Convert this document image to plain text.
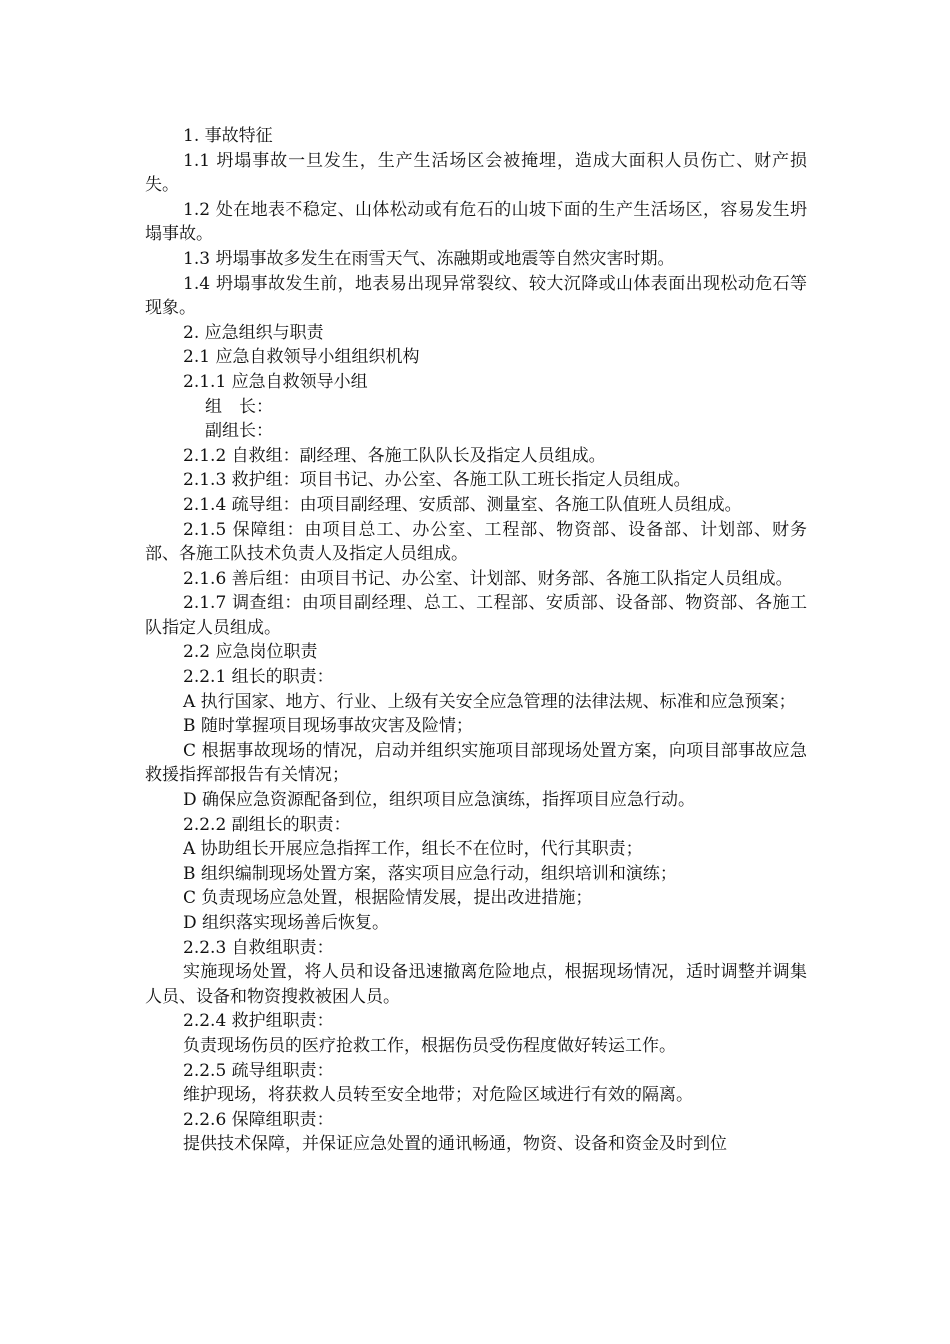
1. 事故特征

1.1 坍塌事故一旦发生，生产生活场区会被掩埋，造成大面积人员伤亡、财产损失。

1.2 处在地表不稳定、山体松动或有危石的山坡下面的生产生活场区，容易发生坍塌事故。

1.3 坍塌事故多发生在雨雪天气、冻融期或地震等自然灾害时期。

1.4 坍塌事故发生前，地表易出现异常裂纹、较大沉降或山体表面出现松动危石等现象。

2. 应急组织与职责

2.1 应急自救领导小组组织机构

2.1.1 应急自救领导小组

组　长：

副组长：

2.1.2 自救组：副经理、各施工队队长及指定人员组成。

2.1.3 救护组：项目书记、办公室、各施工队工班长指定人员组成。

2.1.4 疏导组：由项目副经理、安质部、测量室、各施工队值班人员组成。

2.1.5 保障组：由项目总工、办公室、工程部、物资部、设备部、计划部、财务部、各施工队技术负责人及指定人员组成。

2.1.6 善后组：由项目书记、办公室、计划部、财务部、各施工队指定人员组成。

2.1.7 调查组：由项目副经理、总工、工程部、安质部、设备部、物资部、各施工队指定人员组成。

2.2 应急岗位职责

2.2.1 组长的职责：

A 执行国家、地方、行业、上级有关安全应急管理的法律法规、标准和应急预案；

B 随时掌握项目现场事故灾害及险情；

C 根据事故现场的情况，启动并组织实施项目部现场处置方案，向项目部事故应急救援指挥部报告有关情况；

D 确保应急资源配备到位，组织项目应急演练，指挥项目应急行动。

2.2.2 副组长的职责：

A 协助组长开展应急指挥工作，组长不在位时，代行其职责；

B 组织编制现场处置方案，落实项目应急行动，组织培训和演练；

C 负责现场应急处置，根据险情发展，提出改进措施；

D 组织落实现场善后恢复。

2.2.3 自救组职责：

实施现场处置，将人员和设备迅速撤离危险地点，根据现场情况，适时调整并调集人员、设备和物资搜救被困人员。

2.2.4 救护组职责：

负责现场伤员的医疗抢救工作，根据伤员受伤程度做好转运工作。

2.2.5 疏导组职责：

维护现场，将获救人员转至安全地带；对危险区域进行有效的隔离。

2.2.6 保障组职责：

提供技术保障，并保证应急处置的通讯畅通，物资、设备和资金及时到位
